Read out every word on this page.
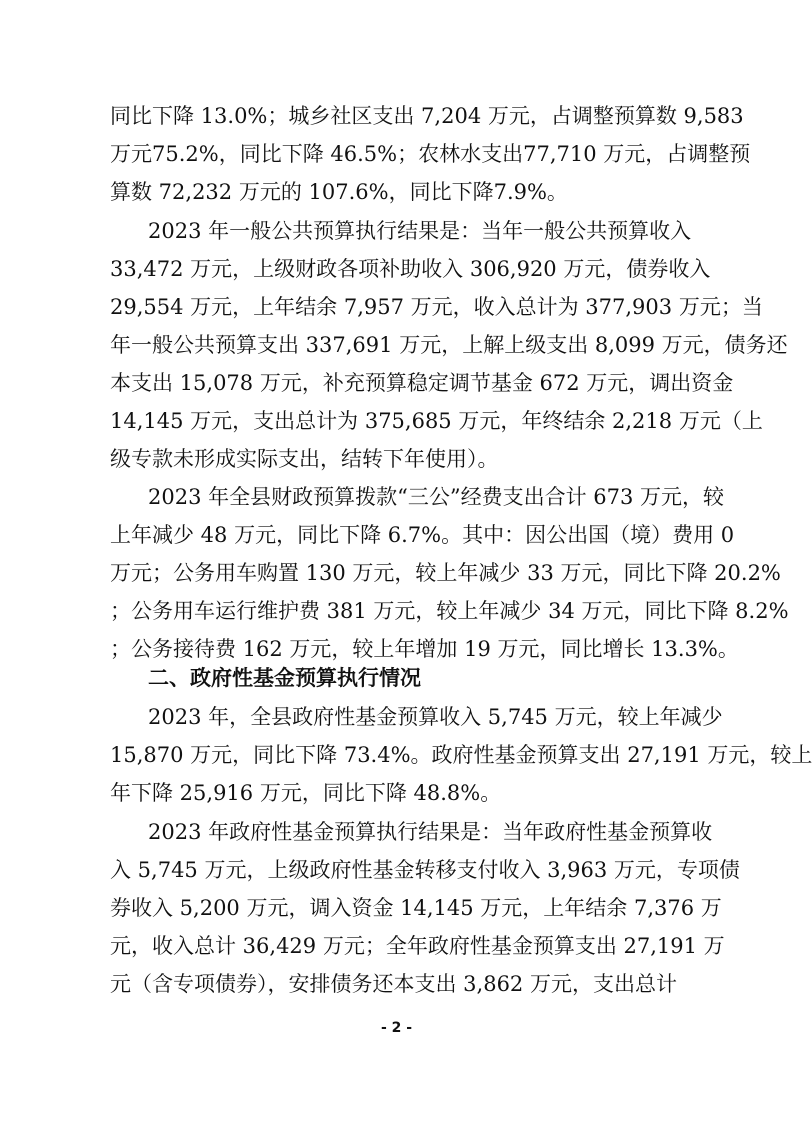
同比下降 13.0%；城乡社区支出 7,204 万元，占调整预算数 9,583
万元75.2%，同比下降 46.5%；农林水支出77,710 万元，占调整预
算数 72,232 万元的 107.6%，同比下降7.9%。
2023 年一般公共预算执行结果是：当年一般公共预算收入
33,472 万元，上级财政各项补助收入 306,920 万元，债券收入
29,554 万元，上年结余 7,957 万元，收入总计为 377,903 万元；当
年一般公共预算支出 337,691 万元，上解上级支出 8,099 万元，债务还
本支出 15,078 万元，补充预算稳定调节基金 672 万元，调出资金
14,145 万元，支出总计为 375,685 万元，年终结余 2,218 万元（上
级专款未形成实际支出，结转下年使用）。
2023 年全县财政预算拨款“三公”经费支出合计 673 万元，较
上年减少 48 万元，同比下降 6.7%。其中：因公出国（境）费用 0
万元；公务用车购置 130 万元，较上年减少 33 万元，同比下降 20.2%
；公务用车运行维护费 381 万元，较上年减少 34 万元，同比下降 8.2%
；公务接待费 162 万元，较上年增加 19 万元，同比增长 13.3%。
二、政府性基金预算执行情况
2023 年，全县政府性基金预算收入 5,745 万元，较上年减少
15,870 万元，同比下降 73.4%。政府性基金预算支出 27,191 万元，较上
年下降 25,916 万元，同比下降 48.8%。
2023 年政府性基金预算执行结果是：当年政府性基金预算收
入 5,745 万元，上级政府性基金转移支付收入 3,963 万元，专项债
券收入 5,200 万元，调入资金 14,145 万元，上年结余 7,376 万
元，收入总计 36,429 万元；全年政府性基金预算支出 27,191 万
元（含专项债券），安排债务还本支出 3,862 万元，支出总计
- 2 -
